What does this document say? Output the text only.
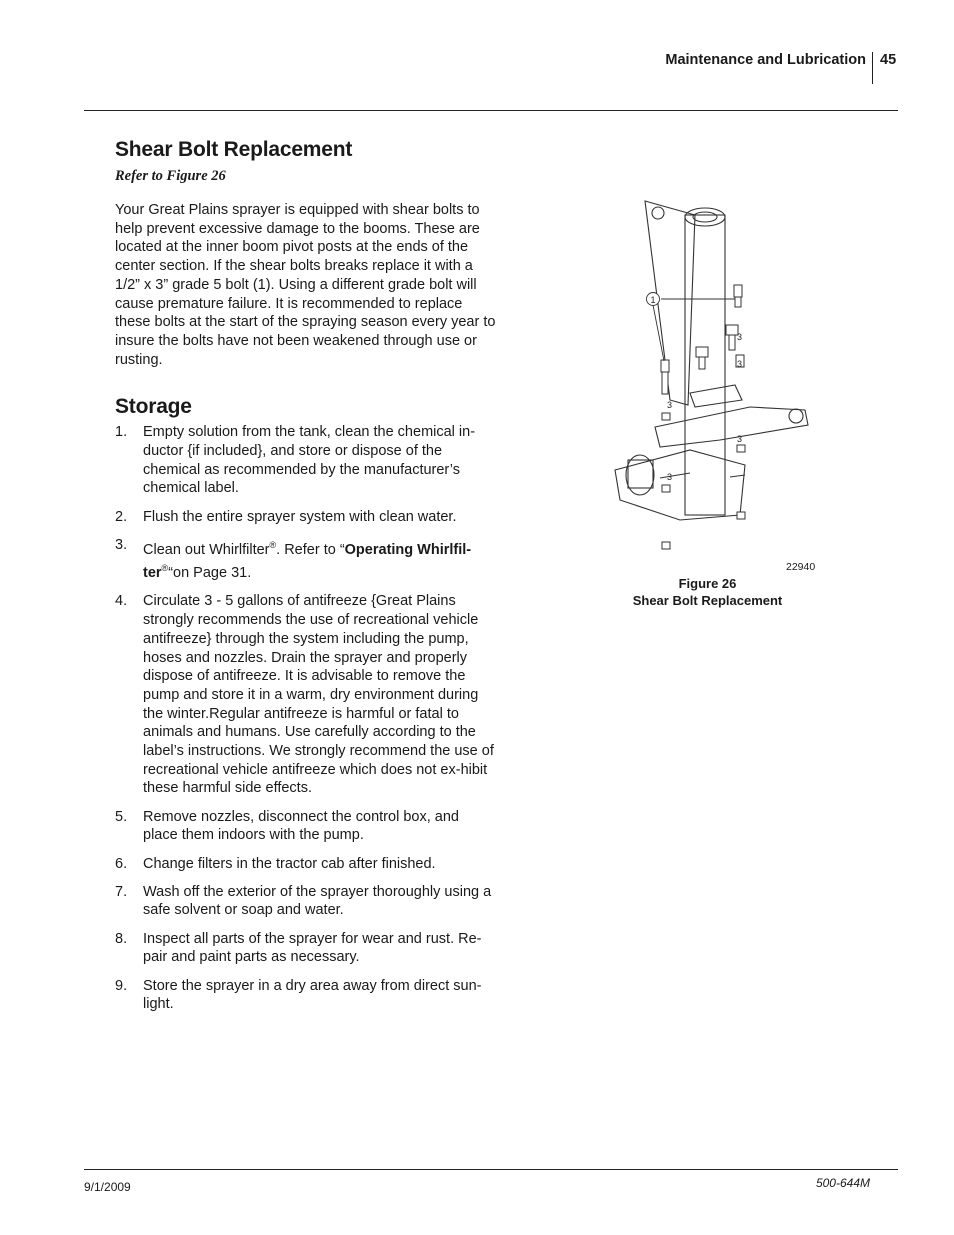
Maintenance and Lubrication 45
Shear Bolt Replacement
Refer to Figure 26

Your Great Plains sprayer is equipped with shear bolts to help prevent excessive damage to the booms. These are located at the inner boom pivot posts at the ends of the center section. If the shear bolts breaks replace it with a 1/2” x 3” grade 5 bolt (1). Using a different grade bolt will cause premature failure. It is recommended to replace these bolts at the start of the spraying season every year to insure the bolts have not been weakened through use or rusting.

Storage
1. Empty solution from the tank, clean the chemical in-ductor {if included}, and store or dispose of the chemical as recommended by the manufacturer’s chemical label.
2. Flush the entire sprayer system with clean water.
3. Clean out Whirlfilter®. Refer to “Operating Whirlfil-ter®“on Page 31.
4. Circulate 3 - 5 gallons of antifreeze {Great Plains strongly recommends the use of recreational vehicle antifreeze} through the system including the pump, hoses and nozzles. Drain the sprayer and properly dispose of antifreeze. It is advisable to remove the pump and store it in a warm, dry environment during the winter.Regular antifreeze is harmful or fatal to animals and humans. Use carefully according to the label’s instructions. We strongly recommend the use of recreational vehicle antifreeze which does not ex-hibit these harmful side effects.
5. Remove nozzles, disconnect the control box, and place them indoors with the pump.
6. Change filters in the tractor cab after finished.
7. Wash off the exterior of the sprayer thoroughly using a safe solvent or soap and water.
8. Inspect all parts of the sprayer for wear and rust. Re-pair and paint parts as necessary.
9. Store the sprayer in a dry area away from direct sun-light.
1
3
3
3
3
3
22940
Figure 26
Shear Bolt Replacement
9/1/2009	500-644M
